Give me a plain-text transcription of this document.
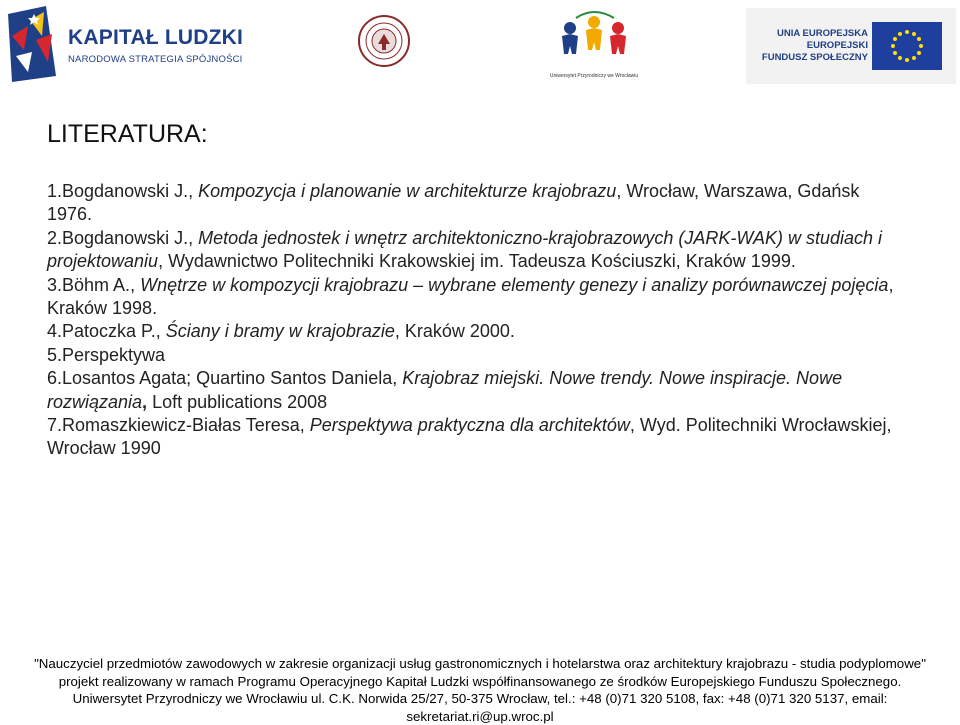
KAPITAŁ LUDZKI
NARODOWA STRATEGIA SPÓJNOŚCI
Uniwersytet Przyrodniczy we Wrocławiu
UNIA EUROPEJSKA
EUROPEJSKI
FUNDUSZ SPOŁECZNY
LITERATURA:
1.Bogdanowski J., Kompozycja i planowanie w architekturze krajobrazu, Wrocław, Warszawa, Gdańsk 1976.
2.Bogdanowski J., Metoda jednostek i wnętrz architektoniczno-krajobrazowych (JARK-WAK) w studiach i projektowaniu, Wydawnictwo Politechniki Krakowskiej im. Tadeusza Kościuszki, Kraków 1999.
3.Böhm A., Wnętrze w kompozycji krajobrazu – wybrane elementy genezy i analizy porównawczej pojęcia, Kraków 1998.
4.Patoczka P., Ściany i bramy w krajobrazie, Kraków 2000.
5.Perspektywa
6.Losantos Agata; Quartino Santos Daniela, Krajobraz miejski. Nowe trendy. Nowe inspiracje. Nowe rozwiązania, Loft publications 2008
7.Romaszkiewicz-Białas Teresa, Perspektywa praktyczna dla architektów, Wyd. Politechniki Wrocławskiej, Wrocław 1990
"Nauczyciel przedmiotów zawodowych w zakresie organizacji usług gastronomicznych i hotelarstwa oraz architektury krajobrazu - studia podyplomowe"
projekt realizowany w ramach Programu Operacyjnego Kapitał Ludzki współfinansowanego ze środków Europejskiego Funduszu Społecznego.
Uniwersytet Przyrodniczy we Wrocławiu ul. C.K. Norwida 25/27, 50-375 Wrocław, tel.: +48 (0)71 320 5108, fax: +48 (0)71 320 5137, email:
sekretariat.ri@up.wroc.pl
